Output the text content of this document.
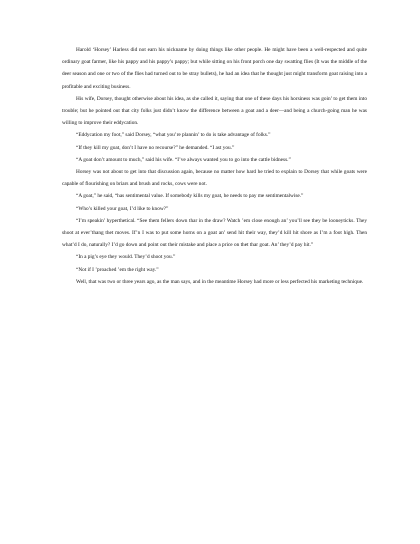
Harold ‘Horsey’ Harless did not earn his nickname by doing things like other people. He might have been a well-respected and quite ordinary goat farmer, like his pappy and his pappy’s pappy; but while sitting on his front porch one day swatting flies (It was the middle of the deer season and one or two of the flies had turned out to be stray bullets), he had an idea that he thought just might transform goat raising into a profitable and exciting business.

His wife, Dorsey, thought otherwise about his idea, as she called it, saying that one of these days his horsiness was goin’ to get them into trouble; but he pointed out that city folks just didn’t know the difference between a goat and a deer—and being a church-going man he was willing to improve their eddycation.

“Eddycation my foot,” said Dorsey, “what you’re plannin’ to do is take advantage of folks.”

“If they kill my goat, don’t I have no recourse?” he demanded. “I ast you.”

“A goat don’t amount to much,” said his wife. “I’ve always wanted you to go into the cattle bidness.”

Horsey was not about to get into that discussion again, because no matter how hard he tried to explain to Dorsey that while goats were capable of flourishing on briars and brush and rocks, cows were not.

“A goat,” he said, “has sentimental value. If somebody kills my goat, he needs to pay me sentimentalwise.”

“Who’s killed your goat, I’d like to know?”

“I’m speakin’ hyperthetical. “See them fellers down thar in the draw? Watch ’em close enough an’ you’ll see they be looneyticks. They shoot at ever’thang thet moves. If’n I was to put some horns on a goat an’ send hit their way, they’d kill hit shore as I’m a foot high. Then what’d I do, naturally? I’d go down and point out their mistake and place a price on thet thar goat. An’ they’d pay hit.”

“In a pig’s eye they would. They’d shoot you.”

“Not if I ’proached ’em the right way.”

Well, that was two or three years ago, as the man says, and in the meantime Horsey had more or less perfected his marketing technique.
